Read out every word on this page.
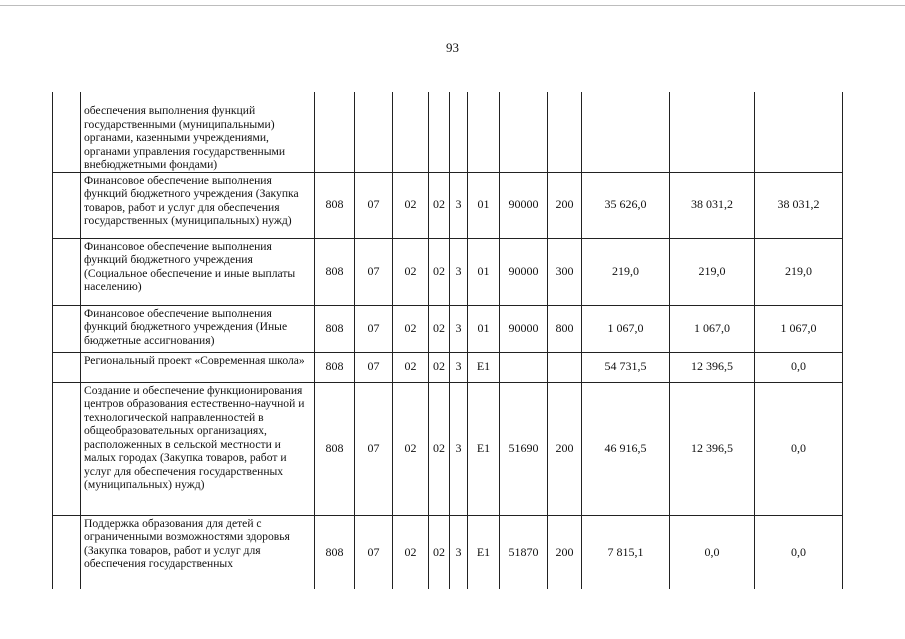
93
	обеспечения выполнения функций государственными (муниципальными) органами, казенными учреждениями, органами управления государственными внебюджетными фондами)											
	Финансовое обеспечение выполнения функций бюджетного учреждения (Закупка товаров, работ и услуг для обеспечения государственных (муниципальных) нужд)	808	07	02	02	3	01	90000	200	35 626,0	38 031,2	38 031,2
	Финансовое обеспечение выполнения функций бюджетного учреждения (Социальное обеспечение и иные выплаты населению)	808	07	02	02	3	01	90000	300	219,0	219,0	219,0
	Финансовое обеспечение выполнения функций бюджетного учреждения (Иные бюджетные ассигнования)	808	07	02	02	3	01	90000	800	1 067,0	1 067,0	1 067,0
	Региональный проект «Современная школа»	808	07	02	02	3	E1			54 731,5	12 396,5	0,0
	Создание и обеспечение функционирования центров образования естественно-научной и технологической направленностей в общеобразовательных организациях, расположенных в сельской местности и малых городах (Закупка товаров, работ и услуг для обеспечения государственных (муниципальных) нужд)	808	07	02	02	3	E1	51690	200	46 916,5	12 396,5	0,0
	Поддержка образования для детей с ограниченными возможностями здоровья (Закупка товаров, работ и услуг для обеспечения государственных	808	07	02	02	3	E1	51870	200	7 815,1	0,0	0,0
